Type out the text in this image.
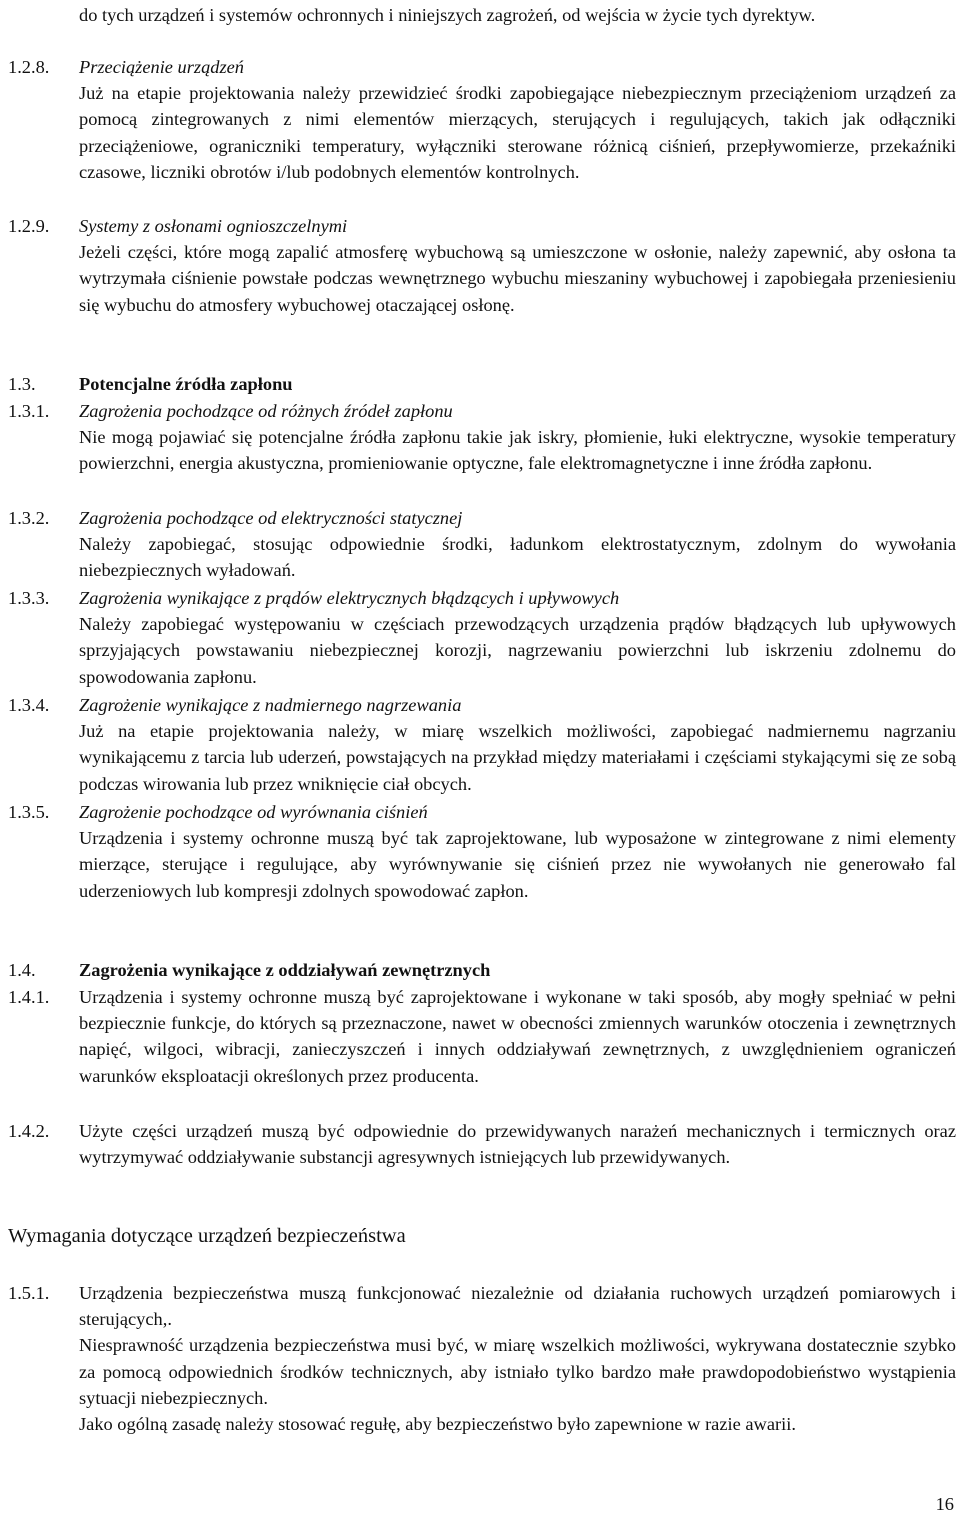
do tych urządzeń i systemów ochronnych i niniejszych zagrożeń, od wejścia w życie tych dyrektyw.

1.2.8. Przeciążenie urządzeń

Już na etapie projektowania należy przewidzieć środki zapobiegające niebezpiecznym przeciążeniom urządzeń za pomocą zintegrowanych z nimi elementów mierzących, sterujących i regulujących, takich jak odłączniki przeciążeniowe, ograniczniki temperatury, wyłączniki sterowane różnicą ciśnień, przepływomierze, przekaźniki czasowe, liczniki obrotów i/lub podobnych elementów kontrolnych.

1.2.9. Systemy z osłonami ognioszczelnymi

Jeżeli części, które mogą zapalić atmosferę wybuchową są umieszczone w osłonie, należy zapewnić, aby osłona ta wytrzymała ciśnienie powstałe podczas wewnętrznego wybuchu mieszaniny wybuchowej i zapobiegała przeniesieniu się wybuchu do atmosfery wybuchowej otaczającej osłonę.

1.3. Potencjalne źródła zapłonu

1.3.1. Zagrożenia pochodzące od różnych źródeł zapłonu

Nie mogą pojawiać się potencjalne źródła zapłonu takie jak iskry, płomienie, łuki elektryczne, wysokie temperatury powierzchni, energia akustyczna, promieniowanie optyczne, fale elektromagnetyczne i inne źródła zapłonu.

1.3.2. Zagrożenia pochodzące od elektryczności statycznej

Należy zapobiegać, stosując odpowiednie środki, ładunkom elektrostatycznym, zdolnym do wywołania niebezpiecznych wyładowań.

1.3.3. Zagrożenia wynikające z prądów elektrycznych błądzących i upływowych

Należy zapobiegać występowaniu w częściach przewodzących urządzenia prądów błądzących lub upływowych sprzyjających powstawaniu niebezpiecznej korozji, nagrzewaniu powierzchni lub iskrzeniu zdolnemu do spowodowania zapłonu.

1.3.4. Zagrożenie wynikające z nadmiernego nagrzewania

Już na etapie projektowania należy, w miarę wszelkich możliwości, zapobiegać nadmiernemu nagrzaniu wynikającemu z tarcia lub uderzeń, powstających na przykład między materiałami i częściami stykającymi się ze sobą podczas wirowania lub przez wniknięcie ciał obcych.

1.3.5. Zagrożenie pochodzące od wyrównania ciśnień

Urządzenia i systemy ochronne muszą być tak zaprojektowane, lub wyposażone w zintegrowane z nimi elementy mierzące, sterujące i regulujące, aby wyrównywanie się ciśnień przez nie wywołanych nie generowało fal uderzeniowych lub kompresji zdolnych spowodować zapłon.

1.4. Zagrożenia wynikające z oddziaływań zewnętrznych

1.4.1. Urządzenia i systemy ochronne muszą być zaprojektowane i wykonane w taki sposób, aby mogły spełniać w pełni bezpiecznie funkcje, do których są przeznaczone, nawet w obecności zmiennych warunków otoczenia i zewnętrznych napięć, wilgoci, wibracji, zanieczyszczeń i innych oddziaływań zewnętrznych, z uwzględnieniem ograniczeń warunków eksploatacji określonych przez producenta.

1.4.2. Użyte części urządzeń muszą być odpowiednie do przewidywanych narażeń mechanicznych i termicznych oraz wytrzymywać oddziaływanie substancji agresywnych istniejących lub przewidywanych.

Wymagania dotyczące urządzeń bezpieczeństwa
1.5.1. Urządzenia bezpieczeństwa muszą funkcjonować niezależnie od działania ruchowych urządzeń pomiarowych i sterujących,.

Niesprawność urządzenia bezpieczeństwa musi być, w miarę wszelkich możliwości, wykrywana dostatecznie szybko za pomocą odpowiednich środków technicznych, aby istniało tylko bardzo małe prawdopodobieństwo wystąpienia sytuacji niebezpiecznych.

Jako ogólną zasadę należy stosować regułę, aby bezpieczeństwo było zapewnione w razie awarii.

16
